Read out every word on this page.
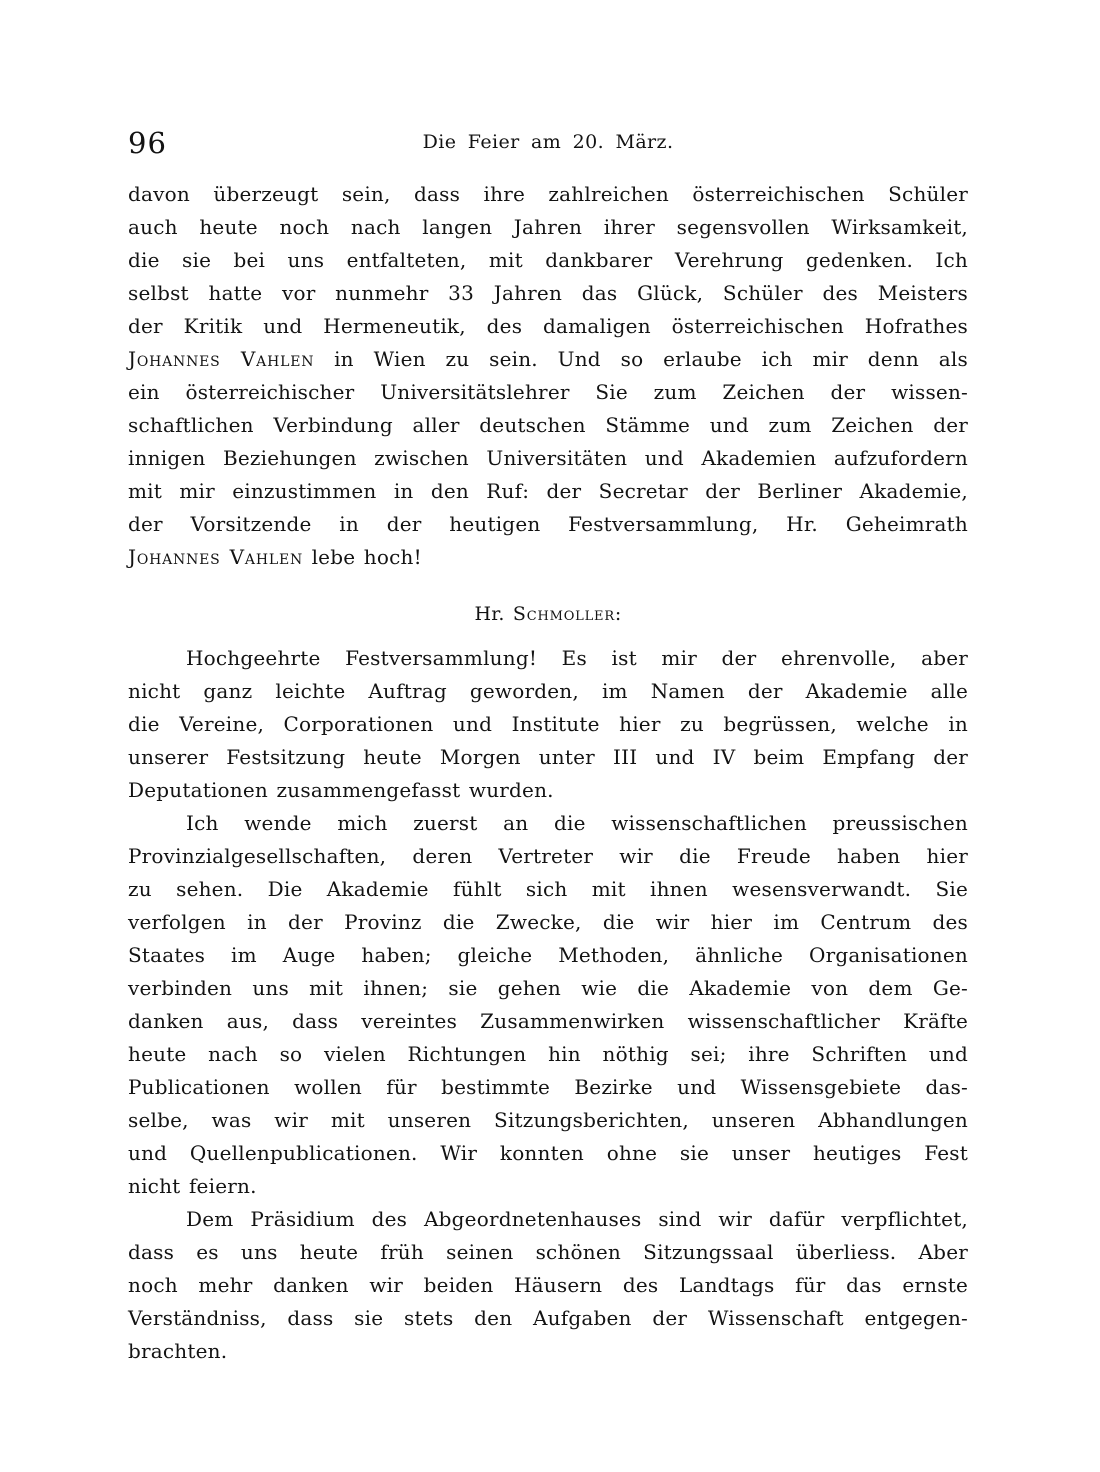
96	Die Feier am 20. März.
davon überzeugt sein, dass ihre zahlreichen österreichischen Schüler
auch heute noch nach langen Jahren ihrer segensvollen Wirksamkeit,
die sie bei uns entfalteten, mit dankbarer Verehrung gedenken. Ich
selbst hatte vor nunmehr 33 Jahren das Glück, Schüler des Meisters
der Kritik und Hermeneutik, des damaligen österreichischen Hofrathes
Johannes Vahlen in Wien zu sein. Und so erlaube ich mir denn als
ein österreichischer Universitätslehrer Sie zum Zeichen der wissen-
schaftlichen Verbindung aller deutschen Stämme und zum Zeichen der
innigen Beziehungen zwischen Universitäten und Akademien aufzufordern
mit mir einzustimmen in den Ruf: der Secretar der Berliner Akademie,
der Vorsitzende in der heutigen Festversammlung, Hr. Geheimrath
Johannes Vahlen lebe hoch!
Hr. Schmoller:
Hochgeehrte Festversammlung! Es ist mir der ehrenvolle, aber
nicht ganz leichte Auftrag geworden, im Namen der Akademie alle
die Vereine, Corporationen und Institute hier zu begrüssen, welche in
unserer Festsitzung heute Morgen unter III und IV beim Empfang der
Deputationen zusammengefasst wurden.
Ich wende mich zuerst an die wissenschaftlichen preussischen
Provinzialgesellschaften, deren Vertreter wir die Freude haben hier
zu sehen. Die Akademie fühlt sich mit ihnen wesensverwandt. Sie
verfolgen in der Provinz die Zwecke, die wir hier im Centrum des
Staates im Auge haben; gleiche Methoden, ähnliche Organisationen
verbinden uns mit ihnen; sie gehen wie die Akademie von dem Ge-
danken aus, dass vereintes Zusammenwirken wissenschaftlicher Kräfte
heute nach so vielen Richtungen hin nöthig sei; ihre Schriften und
Publicationen wollen für bestimmte Bezirke und Wissensgebiete das-
selbe, was wir mit unseren Sitzungsberichten, unseren Abhandlungen
und Quellenpublicationen. Wir konnten ohne sie unser heutiges Fest
nicht feiern.
Dem Präsidium des Abgeordnetenhauses sind wir dafür verpflichtet,
dass es uns heute früh seinen schönen Sitzungssaal überliess. Aber
noch mehr danken wir beiden Häusern des Landtags für das ernste
Verständniss, dass sie stets den Aufgaben der Wissenschaft entgegen-
brachten.
